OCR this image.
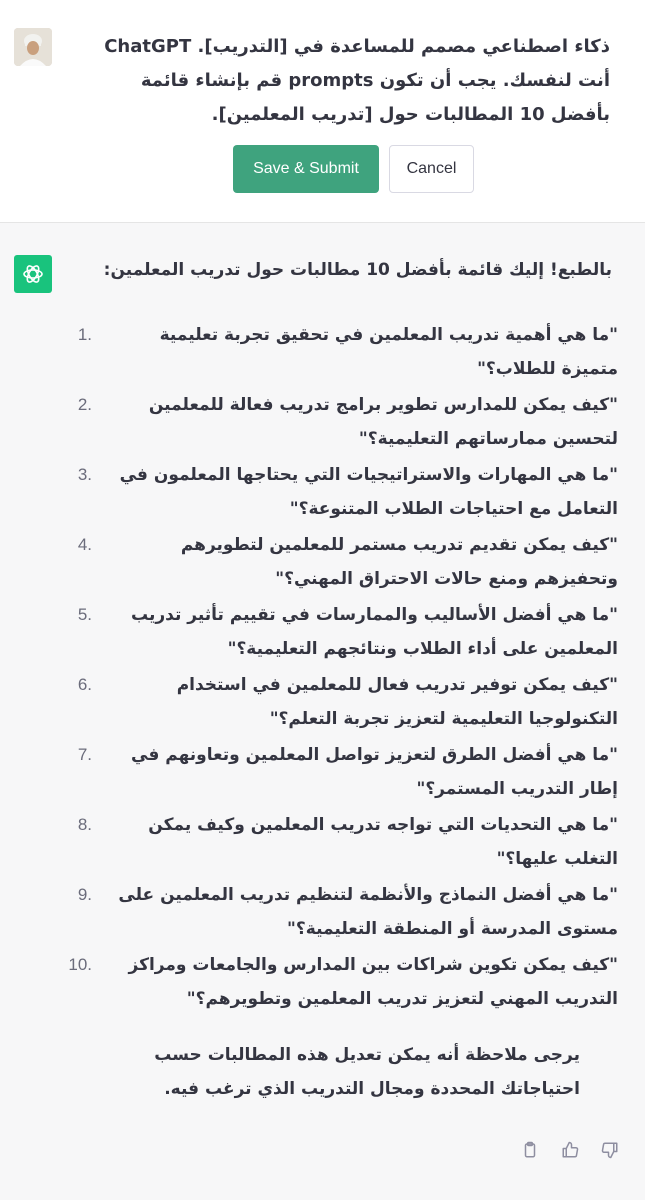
ذكاء اصطناعي مصمم للمساعدة في [التدريب]. ChatGPT أنت لنفسك. يجب أن تكون prompts قم بإنشاء قائمة بأفضل 10 المطالبات حول [تدريب المعلمين].
Save & Submit	Cancel
بالطبع! إليك قائمة بأفضل 10 مطالبات حول تدريب المعلمين:
1.	"ما هي أهمية تدريب المعلمين في تحقيق تجربة تعليمية متميزة للطلاب؟"
2.	"كيف يمكن للمدارس تطوير برامج تدريب فعالة للمعلمين لتحسين ممارساتهم التعليمية؟"
3.	"ما هي المهارات والاستراتيجيات التي يحتاجها المعلمون في التعامل مع احتياجات الطلاب المتنوعة؟"
4.	"كيف يمكن تقديم تدريب مستمر للمعلمين لتطويرهم وتحفيزهم ومنع حالات الاحتراق المهني؟"
5.	"ما هي أفضل الأساليب والممارسات في تقييم تأثير تدريب المعلمين على أداء الطلاب ونتائجهم التعليمية؟"
6.	"كيف يمكن توفير تدريب فعال للمعلمين في استخدام التكنولوجيا التعليمية لتعزيز تجربة التعلم؟"
7.	"ما هي أفضل الطرق لتعزيز تواصل المعلمين وتعاونهم في إطار التدريب المستمر؟"
8.	"ما هي التحديات التي تواجه تدريب المعلمين وكيف يمكن التغلب عليها؟"
9.	"ما هي أفضل النماذج والأنظمة لتنظيم تدريب المعلمين على مستوى المدرسة أو المنطقة التعليمية؟"
10.	"كيف يمكن تكوين شراكات بين المدارس والجامعات ومراكز التدريب المهني لتعزيز تدريب المعلمين وتطويرهم؟"
يرجى ملاحظة أنه يمكن تعديل هذه المطالبات حسب احتياجاتك المحددة ومجال التدريب الذي ترغب فيه.
